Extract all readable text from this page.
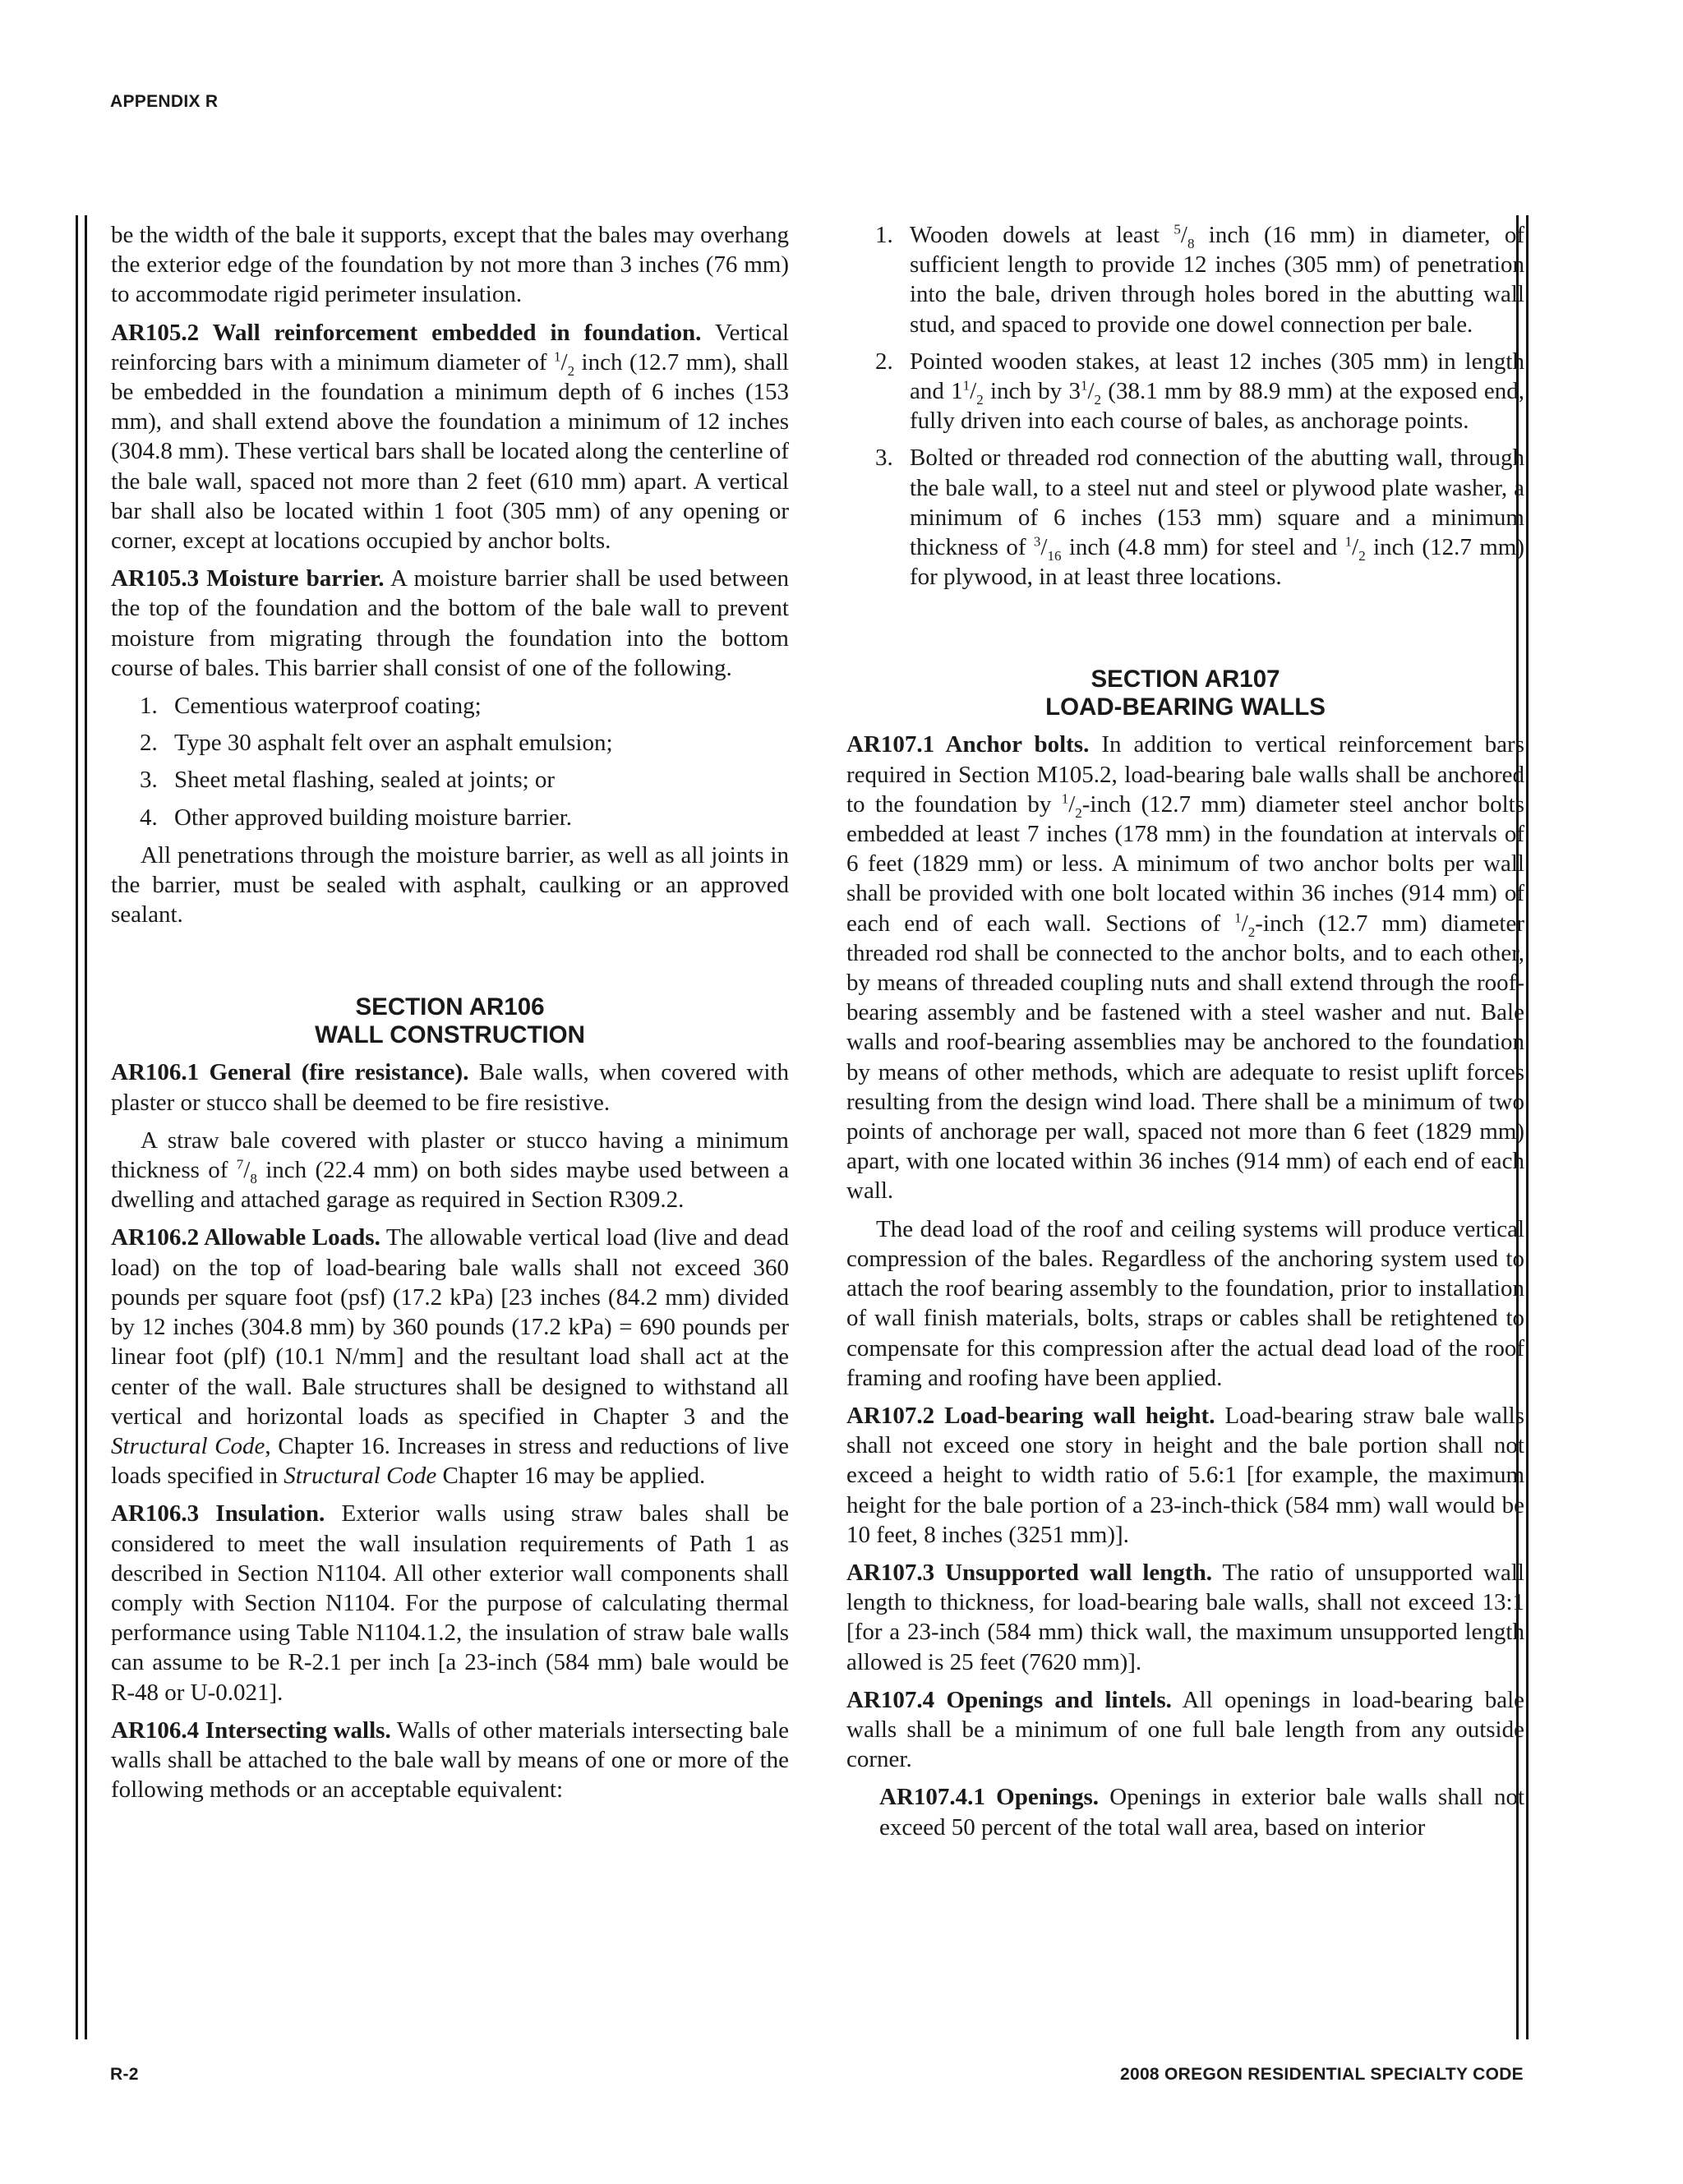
APPENDIX R

be the width of the bale it supports, except that the bales may overhang the exterior edge of the foundation by not more than 3 inches (76 mm) to accommodate rigid perimeter insulation.

AR105.2 Wall reinforcement embedded in foundation. Vertical reinforcing bars with a minimum diameter of $^1/_2$ inch (12.7 mm), shall be embedded in the foundation a minimum depth of 6 inches (153 mm), and shall extend above the foundation a minimum of 12 inches (304.8 mm). These vertical bars shall be located along the centerline of the bale wall, spaced not more than 2 feet (610 mm) apart. A vertical bar shall also be located within 1 foot (305 mm) of any opening or corner, except at locations occupied by anchor bolts.

AR105.3 Moisture barrier. A moisture barrier shall be used between the top of the foundation and the bottom of the bale wall to prevent moisture from migrating through the foundation into the bottom course of bales. This barrier shall consist of one of the following.

1. Cementious waterproof coating;
2. Type 30 asphalt felt over an asphalt emulsion;
3. Sheet metal flashing, sealed at joints; or
4. Other approved building moisture barrier.

All penetrations through the moisture barrier, as well as all joints in the barrier, must be sealed with asphalt, caulking or an approved sealant.

SECTION AR106
WALL CONSTRUCTION

AR106.1 General (fire resistance). Bale walls, when covered with plaster or stucco shall be deemed to be fire resistive.

A straw bale covered with plaster or stucco having a minimum thickness of $^7/_8$ inch (22.4 mm) on both sides maybe used between a dwelling and attached garage as required in Section R309.2.

AR106.2 Allowable Loads. The allowable vertical load (live and dead load) on the top of load-bearing bale walls shall not exceed 360 pounds per square foot (psf) (17.2 kPa) [23 inches (84.2 mm) divided by 12 inches (304.8 mm) by 360 pounds (17.2 kPa) = 690 pounds per linear foot (plf) (10.1 N/mm] and the resultant load shall act at the center of the wall. Bale structures shall be designed to withstand all vertical and horizontal loads as specified in Chapter 3 and the Structural Code, Chapter 16. Increases in stress and reductions of live loads specified in Structural Code Chapter 16 may be applied.

AR106.3 Insulation. Exterior walls using straw bales shall be considered to meet the wall insulation requirements of Path 1 as described in Section N1104. All other exterior wall components shall comply with Section N1104. For the purpose of calculating thermal performance using Table N1104.1.2, the insulation of straw bale walls can assume to be R-2.1 per inch [a 23-inch (584 mm) bale would be R-48 or U-0.021].

AR106.4 Intersecting walls. Walls of other materials intersecting bale walls shall be attached to the bale wall by means of one or more of the following methods or an acceptable equivalent:

1. Wooden dowels at least $^5/_8$ inch (16 mm) in diameter, of sufficient length to provide 12 inches (305 mm) of penetration into the bale, driven through holes bored in the abutting wall stud, and spaced to provide one dowel connection per bale.
2. Pointed wooden stakes, at least 12 inches (305 mm) in length and $1^1/_2$ inch by $3^1/_2$ (38.1 mm by 88.9 mm) at the exposed end, fully driven into each course of bales, as anchorage points.
3. Bolted or threaded rod connection of the abutting wall, through the bale wall, to a steel nut and steel or plywood plate washer, a minimum of 6 inches (153 mm) square and a minimum thickness of $^3/_{16}$ inch (4.8 mm) for steel and $^1/_2$ inch (12.7 mm) for plywood, in at least three locations.
SECTION AR107
LOAD-BEARING WALLS

AR107.1 Anchor bolts. In addition to vertical reinforcement bars required in Section M105.2, load-bearing bale walls shall be anchored to the foundation by $^1/_2$-inch (12.7 mm) diameter steel anchor bolts embedded at least 7 inches (178 mm) in the foundation at intervals of 6 feet (1829 mm) or less. A minimum of two anchor bolts per wall shall be provided with one bolt located within 36 inches (914 mm) of each end of each wall. Sections of $^1/_2$-inch (12.7 mm) diameter threaded rod shall be connected to the anchor bolts, and to each other, by means of threaded coupling nuts and shall extend through the roof-bearing assembly and be fastened with a steel washer and nut. Bale walls and roof-bearing assemblies may be anchored to the foundation by means of other methods, which are adequate to resist uplift forces resulting from the design wind load. There shall be a minimum of two points of anchorage per wall, spaced not more than 6 feet (1829 mm) apart, with one located within 36 inches (914 mm) of each end of each wall.

The dead load of the roof and ceiling systems will produce vertical compression of the bales. Regardless of the anchoring system used to attach the roof bearing assembly to the foundation, prior to installation of wall finish materials, bolts, straps or cables shall be retightened to compensate for this compression after the actual dead load of the roof framing and roofing have been applied.

AR107.2 Load-bearing wall height. Load-bearing straw bale walls shall not exceed one story in height and the bale portion shall not exceed a height to width ratio of 5.6:1 [for example, the maximum height for the bale portion of a 23-inch-thick (584 mm) wall would be 10 feet, 8 inches (3251 mm)].

AR107.3 Unsupported wall length. The ratio of unsupported wall length to thickness, for load-bearing bale walls, shall not exceed 13:1 [for a 23-inch (584 mm) thick wall, the maximum unsupported length allowed is 25 feet (7620 mm)].

AR107.4 Openings and lintels. All openings in load-bearing bale walls shall be a minimum of one full bale length from any outside corner.

AR107.4.1 Openings. Openings in exterior bale walls shall not exceed 50 percent of the total wall area, based on interior

R-2	2008 OREGON RESIDENTIAL SPECIALTY CODE
